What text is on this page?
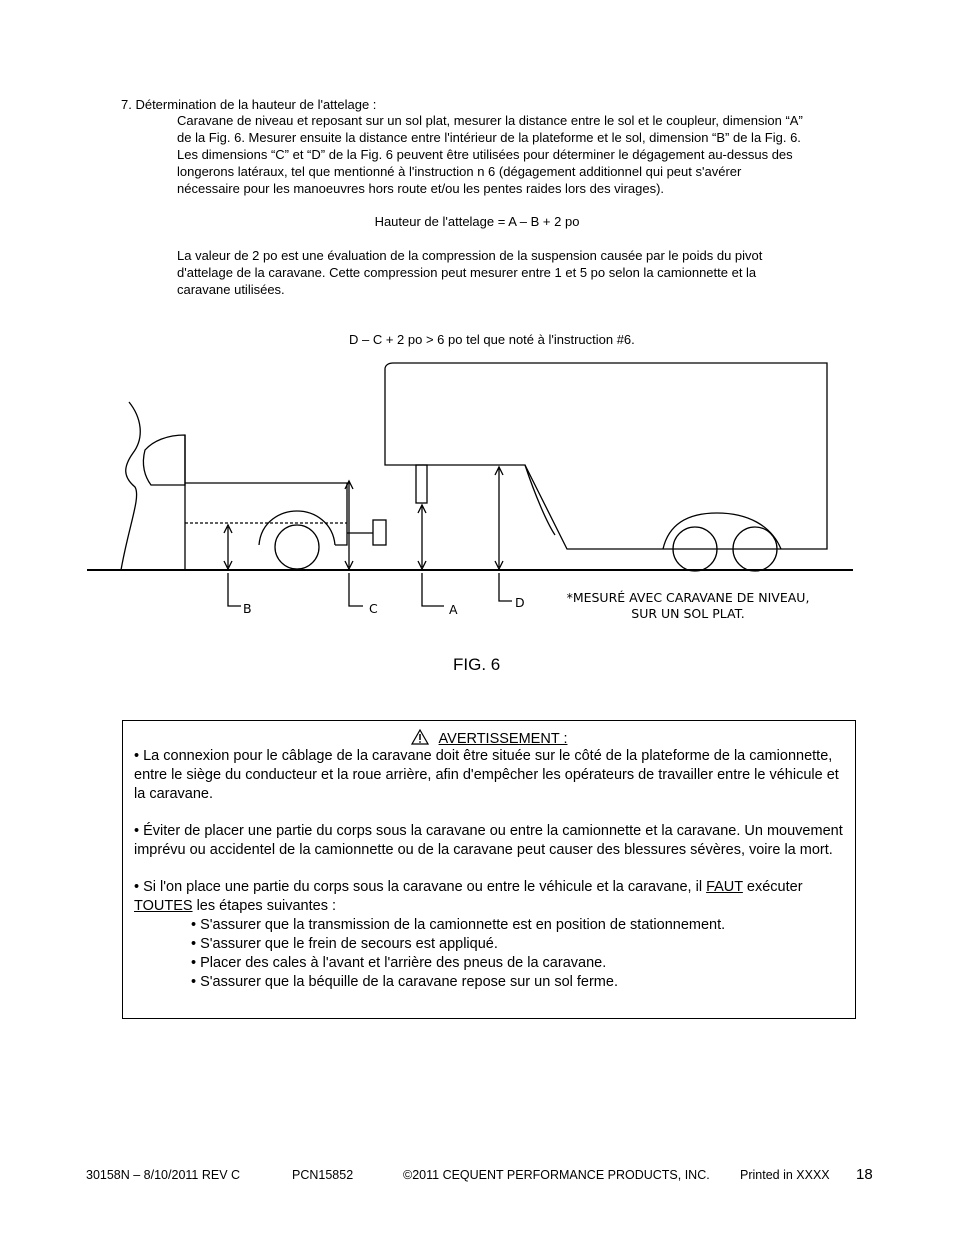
7. Détermination de la hauteur de l'attelage :
Caravane de niveau et reposant sur un sol plat, mesurer la distance entre le sol et le coupleur, dimension “A”
de la Fig. 6. Mesurer ensuite la distance entre l'intérieur de la plateforme et le sol, dimension “B” de la Fig. 6.
Les dimensions “C” et “D” de la Fig. 6 peuvent être utilisées pour déterminer le dégagement au-dessus des
longerons latéraux, tel que mentionné à l'instruction n 6 (dégagement additionnel qui peut s'avérer
nécessaire pour les manoeuvres hors route et/ou les pentes raides lors des virages).
Hauteur de l'attelage = A – B + 2 po
La valeur de 2 po est une évaluation de la compression de la suspension causée par le poids du pivot
d'attelage de la caravane. Cette compression peut mesurer entre 1 et 5 po selon la camionnette et la
caravane utilisées.
D – C + 2 po > 6 po tel que noté à l'instruction #6.
B	C	A	D	*MESURÉ AVEC CARAVANE DE NIVEAU,
SUR UN SOL PLAT.
FIG. 6
AVERTISSEMENT :

• La connexion pour le câblage de la caravane doit être située sur le côté de la plateforme de la camionnette, entre le siège du conducteur et la roue arrière, afin d'empêcher les opérateurs de travailler entre le véhicule et la caravane.

• Éviter de placer une partie du corps sous la caravane ou entre la camionnette et la caravane. Un mouvement imprévu ou accidentel de la camionnette ou de la caravane peut causer des blessures sévères, voire la mort.

• Si l'on place une partie du corps sous la caravane ou entre le véhicule et la caravane, il FAUT exécuter TOUTES les étapes suivantes :

• S'assurer que la transmission de la camionnette est en position de stationnement.

• S'assurer que le frein de secours est appliqué.

• Placer des cales à l'avant et l'arrière des pneus de la caravane.

• S'assurer que la béquille de la caravane repose sur un sol ferme.

30158N – 8/10/2011 REV C	PCN15852	©2011 CEQUENT PERFORMANCE PRODUCTS, INC. Printed in XXXX 18
